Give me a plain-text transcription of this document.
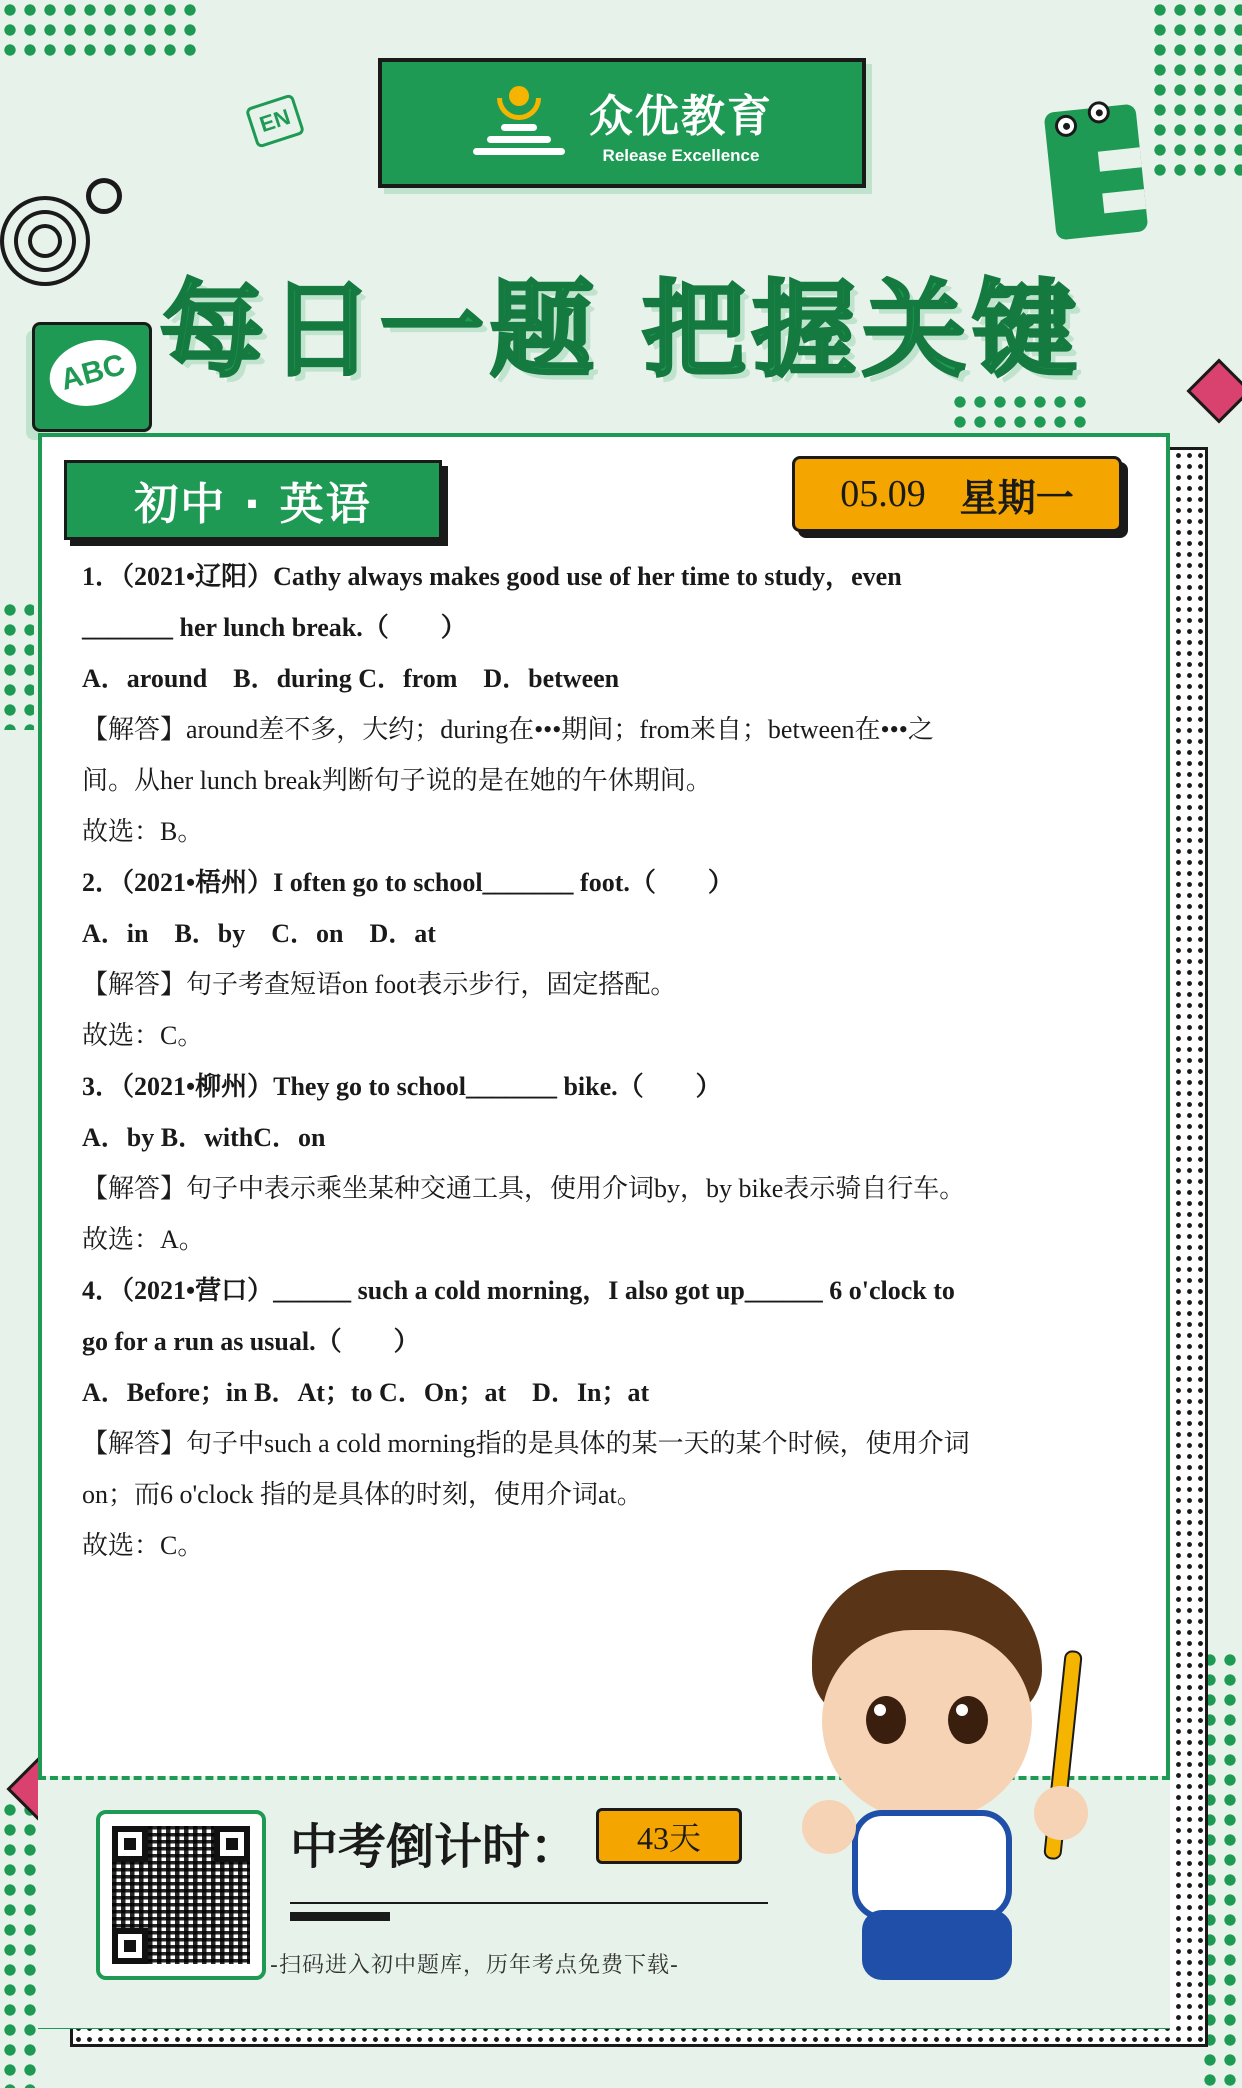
EN
ABC
众优教育
Release Excellence
每日一题 把握关键
初中 · 英语	05.09 星期一
1．（2021•辽阳）Cathy always makes good use of her time to study，even
_______ her lunch break.（　　）
A．around　B．during C．from　D．between
【解答】around差不多，大约；during在•••期间；from来自；between在•••之
间。从her lunch break判断句子说的是在她的午休期间。
故选：B。
2．（2021•梧州）I often go to school_______ foot.（　　）
A．in　B．by　C．on　D．at
【解答】句子考查短语on foot表示步行，固定搭配。
故选：C。
3．（2021•柳州）They go to school_______ bike.（　　）
A．by B．withC．on
【解答】句子中表示乘坐某种交通工具，使用介词by，by bike表示骑自行车。
故选：A。
4．（2021•营口）______ such a cold morning，I also got up______ 6 o'clock to
go for a run as usual.（　　）
A．Before；in B．At；to C．On；at　D．In；at
【解答】句子中such a cold morning指的是具体的某一天的某个时候，使用介词
on；而6 o'clock 指的是具体的时刻，使用介词at。
故选：C。
中考倒计时：	43天
-扫码进入初中题库，历年考点免费下载-
